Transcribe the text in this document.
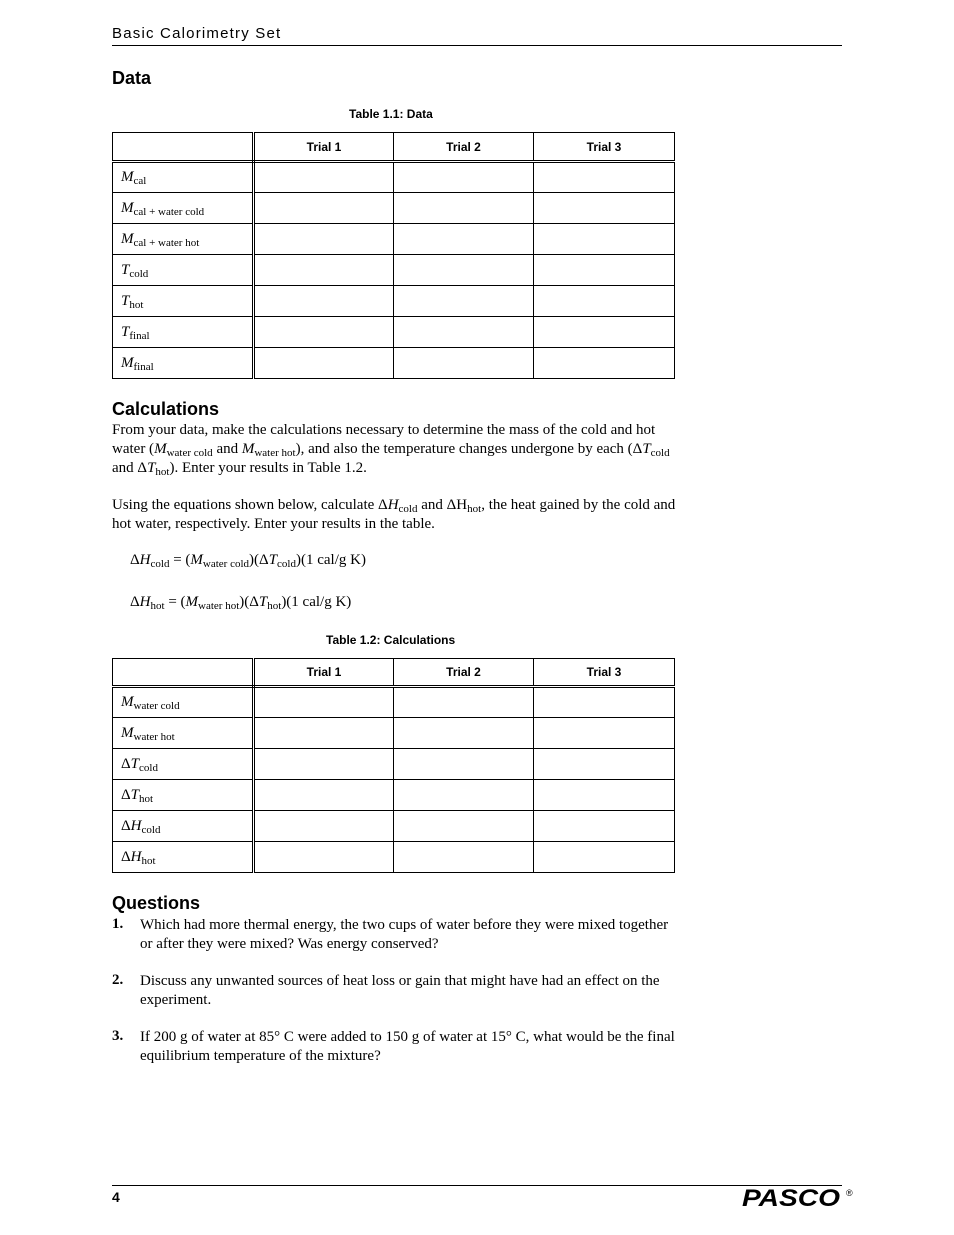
Basic Calorimetry Set
Data
Table 1.1: Data
	Trial 1	Trial 2	Trial 3
$M_{cal}$			
$M_{cal + water cold}$			
$M_{cal + water hot}$			
$T_{cold}$			
$T_{hot}$			
$T_{final}$			
$M_{final}$			
Calculations
From your data, make the calculations necessary to determine the mass of the cold and hot water ($M_{water cold}$ and $M_{water hot}$), and also the temperature changes undergone by each ($\Delta T_{cold}$ and $\Delta T_{hot}$). Enter your results in Table 1.2.
Using the equations shown below, calculate $\Delta H_{cold}$ and $\Delta H_{hot}$, the heat gained by the cold and hot water, respectively. Enter your results in the table.
$\Delta H_{cold} = (M_{water cold})(\Delta T_{cold})(1$ cal/g K)
$\Delta H_{hot} = (M_{water hot})(\Delta T_{hot})(1$ cal/g K)
Table 1.2: Calculations
	Trial 1	Trial 2	Trial 3
$M_{water cold}$			
$M_{water hot}$			
$\Delta T_{cold}$			
$\Delta T_{hot}$			
$\Delta H_{cold}$			
$\Delta H_{hot}$			
Questions
1. Which had more thermal energy, the two cups of water before they were mixed together or after they were mixed? Was energy conserved?
2. Discuss any unwanted sources of heat loss or gain that might have had an effect on the experiment.
3. If 200 g of water at 85° C were added to 150 g of water at 15° C, what would be the final equilibrium temperature of the mixture?
4	PASCO ®
